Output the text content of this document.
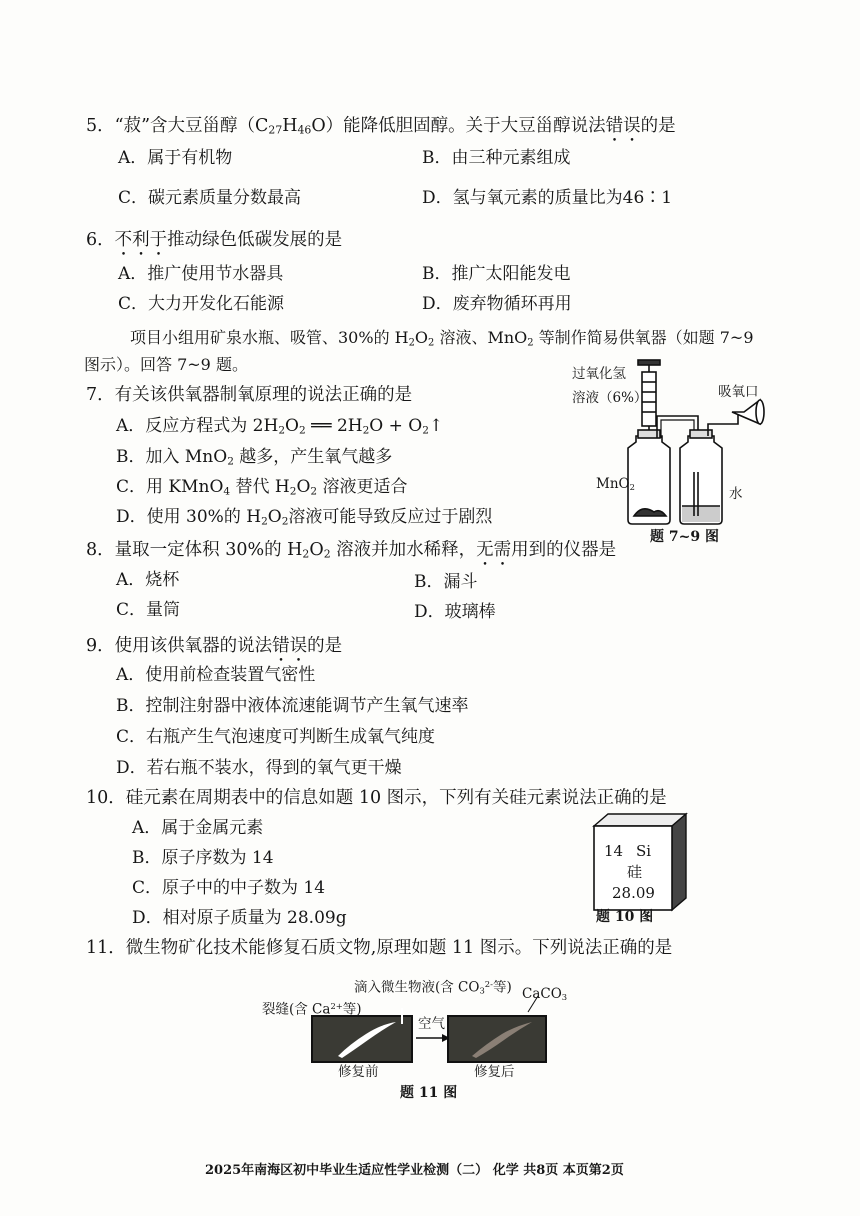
5．“菽”含大豆甾醇$(C_{27}H_{46}O)$能降低胆固醇。关于大豆甾醇说法错误的是
A．属于有机物	B．由三种元素组成
C．碳元素质量分数最高	D．氢与氧元素的质量比为46∶1
6．不利于推动绿色低碳发展的是
A．推广使用节水器具	B．推广太阳能发电
C．大力开发化石能源	D．废弃物循环再用
项目小组用矿泉水瓶、吸管、30%的 $H_2O_2$ 溶液、MnO$_2$ 等制作简易供氧器（如题 7~9
图示）。回答 7~9 题。
7．有关该供氧器制氧原理的说法正确的是
A．反应方程式为 $2H_2O_2$ ══ $2H_2O$ + $O_2↑$
B．加入 MnO$_2$ 越多，产生氧气越多
C．用 KMnO$_4$ 替代 $H_2O_2$ 溶液更适合
D．使用 30%的 $H_2O_2$溶液可能导致反应过于剧烈
过氧化氢
溶液（6%）	吸氧口
MnO$_2$	水
题 7~9 图
8．量取一定体积 30%的 $H_2O_2$ 溶液并加水稀释，无需用到的仪器是
A．烧杯	B．漏斗
C．量筒	D．玻璃棒
9．使用该供氧器的说法错误的是
A．使用前检查装置气密性
B．控制注射器中液体流速能调节产生氧气速率
C．右瓶产生气泡速度可判断生成氧气纯度
D．若右瓶不装水，得到的氧气更干燥
10．硅元素在周期表中的信息如题 10 图示，下列有关硅元素说法正确的是
A．属于金属元素
B．原子序数为 14
C．原子中的中子数为 14
D．相对原子质量为 28.09g
14 Si
硅
28.09
题 10 图
11．微生物矿化技术能修复石质文物,原理如题 11 图示。下列说法正确的是
滴入微生物液(含 $CO_3^{2-}$等)
裂缝(含 $Ca^{2+}$等)
CaCO$_3$
空气
修复前	修复后
题 11 图
2025年南海区初中毕业生适应性学业检测（二） 化学 共8页 本页第2页
